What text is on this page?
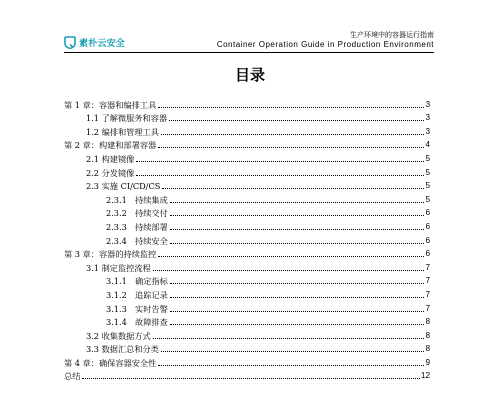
素朴云安全
生产环境中的容器运行指南
Container Operation Guide in Production Environment
目录
第 1 章：容器和编排工具	3
1.1 了解微服务和容器	3
1.2 编排和管理工具	3
第 2 章：构建和部署容器	4
2.1 构建镜像	5
2.2 分发镜像	5
2.3 实施 CI/CD/CS	5
2.3.1　持续集成	5
2.3.2　持续交付	6
2.3.3　持续部署	6
2.3.4　持续安全	6
第 3 章：容器的持续监控	6
3.1 制定监控流程	7
3.1.1　确定指标	7
3.1.2　追踪记录	7
3.1.3　实时告警	7
3.1.4　故障排查	8
3.2 收集数据方式	8
3.3 数据汇总和分类	8
第 4 章：确保容器安全性	9
总结	12
